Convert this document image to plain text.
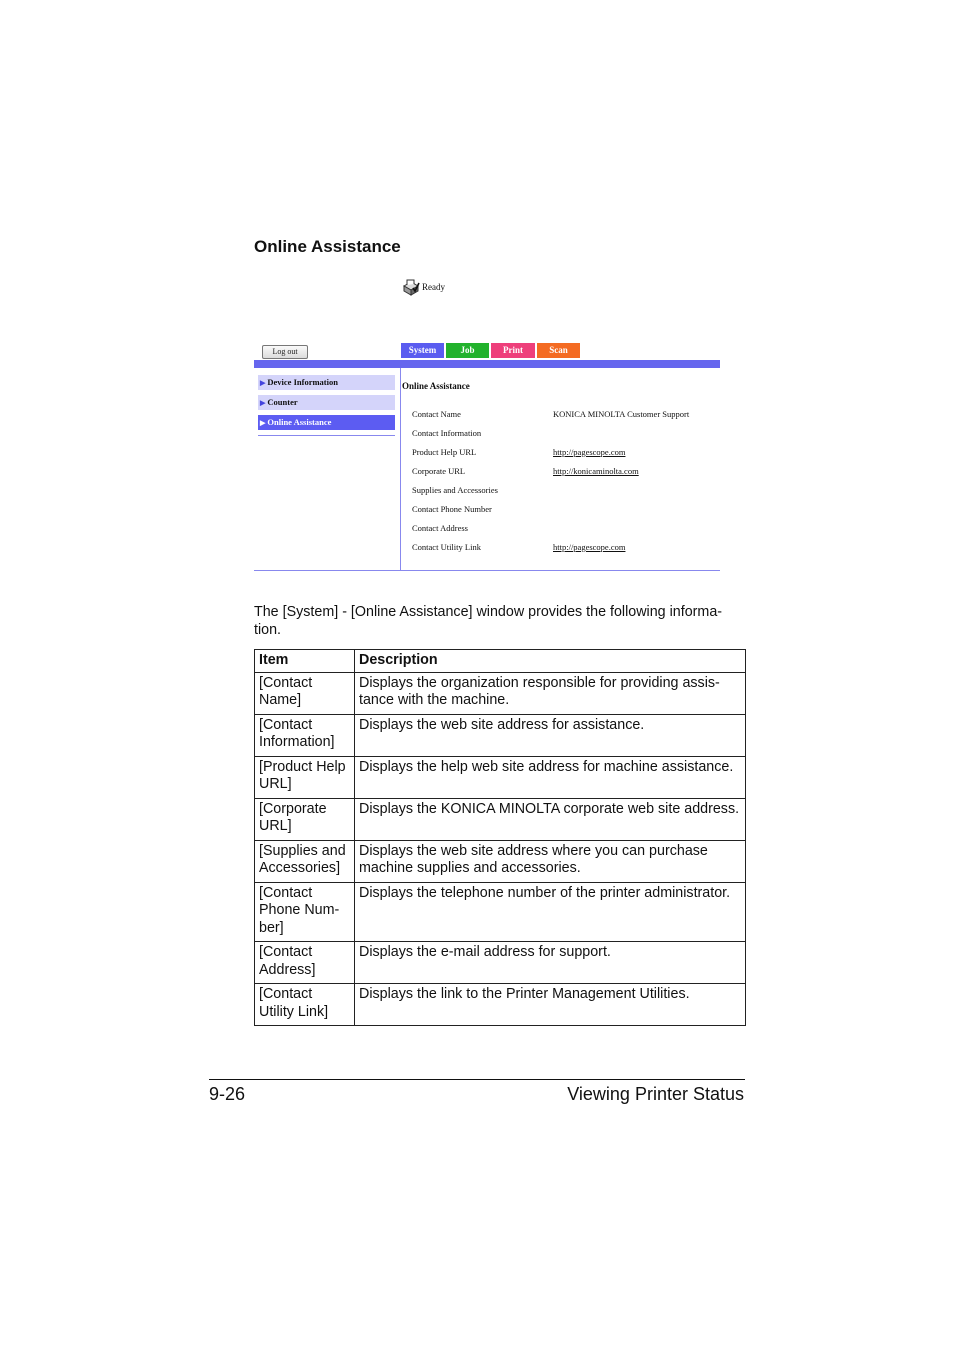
Online Assistance
Ready
Log out	System	Job	Print	Scan
▶ Device Information
▶ Counter
▶ Online Assistance
Online Assistance
Contact Name	KONICA MINOLTA Customer Support
Contact Information
Product Help URL	http://pagescope.com
Corporate URL	http://konicaminolta.com
Supplies and Accessories
Contact Phone Number
Contact Address
Contact Utility Link	http://pagescope.com
The [System] - [Online Assistance] window provides the following informa-tion.
Item	Description
[Contact Name]	Displays the organization responsible for providing assis-tance with the machine.
[Contact Information]	Displays the web site address for assistance.
[Product Help URL]	Displays the help web site address for machine assistance.
[Corporate URL]	Displays the KONICA MINOLTA corporate web site address.
[Supplies and Accessories]	Displays the web site address where you can purchase machine supplies and accessories.
[Contact Phone Num-ber]	Displays the telephone number of the printer administrator.
[Contact Address]	Displays the e-mail address for support.
[Contact Utility Link]	Displays the link to the Printer Management Utilities.
9-26	Viewing Printer Status
